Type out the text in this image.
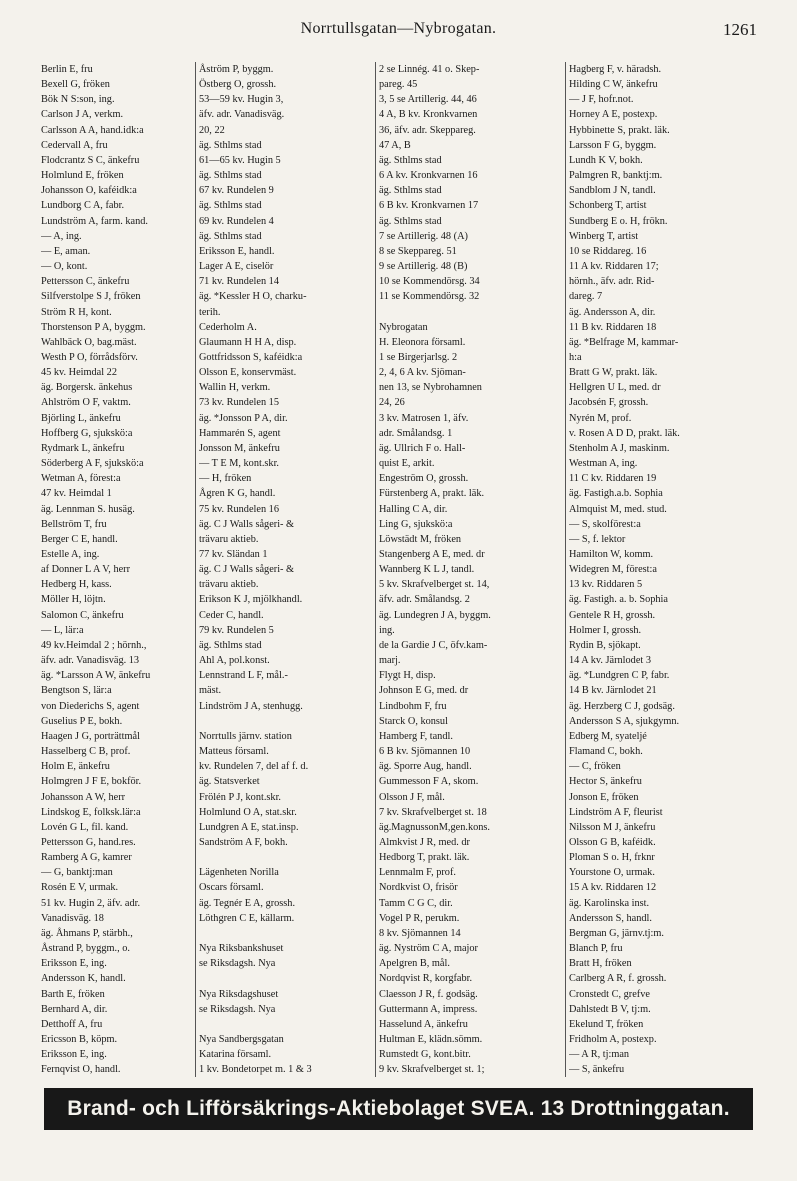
Norrtullsgatan—Nybrogatan.	1261
Berlin E, fru
Bexell G, fröken
Bök N S:son, ing.
Carlson J A, verkm.
Carlsson A A, hand.idk:a
Cedervall A, fru
Flodcrantz S C, änkefru
Holmlund E, fröken
Johansson O, kaféidk:a
Lundborg C A, fabr.
Lundström A, farm. kand.
— A, ing.
— E, aman.
— O, kont.
Pettersson C, änkefru
Silfverstolpe S J, fröken
Ström R H, kont.
Thorstenson P A, byggm.
Wahlbäck O, bag.mäst.
Westh P O, förrådsförv.
45 kv. Heimdal 22
äg. Borgersk. änkehus
Ahlström O F, vaktm.
Björling L, änkefru
Hoffberg G, sjukskö:a
Rydmark L, änkefru
Söderberg A F, sjukskö:a
Wetman A, förest:a
47 kv. Heimdal 1
äg. Lennman S. husäg.
Bellström T, fru
Berger C E, handl.
Estelle A, ing.
af Donner L A V, herr
Hedberg H, kass.
Möller H, löjtn.
Salomon C, änkefru
— L, lär:a
49 kv.Heimdal 2 ; hörnh.,
äfv. adr. Vanadisväg. 13
äg. *Larsson A W, änkefru
Bengtson S, lär:a
von Diederichs S, agent
Guselius P E, bokh.
Haagen J G, porträttmål
Hasselberg C B, prof.
Holm E, änkefru
Holmgren J F E, bokför.
Johansson A W, herr
Lindskog E, folksk.lär:a
Lovén G L, fil. kand.
Pettersson G, hand.res.
Ramberg A G, kamrer
— G, banktj:man
Rosén E V, urmak.
51 kv. Hugin 2, äfv. adr.
Vanadisväg. 18
äg. Åhmans P, stärbh.,
Åstrand P, byggm., o.
Eriksson E, ing.
Andersson K, handl.
Barth E, fröken
Bernhard A, dir.
Detthoff A, fru
Ericsson B, köpm.
Eriksson E, ing.
Fernqvist O, handl.
Åström P, byggm.
Östberg O, grossh.
53—59 kv. Hugin 3,
äfv. adr. Vanadisväg.
20, 22
äg. Sthlms stad
61—65 kv. Hugin 5
äg. Sthlms stad
67 kv. Rundelen 9
äg. Sthlms stad
69 kv. Rundelen 4
äg. Sthlms stad
Eriksson E, handl.
Lager A E, ciselör
71 kv. Rundelen 14
äg. *Kessler H O, charku-
terih.
Cederholm A.
Glaumann H H A, disp.
Gottfridsson S, kaféidk:a
Olsson E, konservmäst.
Wallin H, verkm.
73 kv. Rundelen 15
äg. *Jonsson P A, dir.
Hammarén S, agent
Jonsson M, änkefru
— T E M, kont.skr.
— H, fröken
Ågren K G, handl.
75 kv. Rundelen 16
äg. C J Walls sågeri- &
trävaru aktieb.
77 kv. Sländan 1
äg. C J Walls sågeri- &
trävaru aktieb.
Erikson K J, mjölkhandl.
Ceder C, handl.
79 kv. Rundelen 5
äg. Sthlms stad
Ahl A, pol.konst.
Lennstrand L F, mål.-
mäst.
Lindström J A, stenhugg.

Norrtulls järnv. station
Matteus församl.
kv. Rundelen 7, del af f. d.
äg. Statsverket
Frölén P J, kont.skr.
Holmlund O A, stat.skr.
Lundgren A E, stat.insp.
Sandström A F, bokh.

Lägenheten Norilla
Oscars församl.
äg. Tegnér E A, grossh.
Löthgren C E, källarm.

Nya Riksbankshuset
se Riksdagsh. Nya

Nya Riksdagshuset
se Riksdagsh. Nya

Nya Sandbergsgatan
Katarina församl.
1 kv. Bondetorpet m. 1 & 3

2 se Linnég. 41 o. Skep-
pareg. 45
3, 5 se Artillerig. 44, 46
4 A, B kv. Kronkvarnen
36, äfv. adr. Skeppareg.
47 A, B
äg. Sthlms stad
6 A kv. Kronkvarnen 16
äg. Sthlms stad
6 B kv. Kronkvarnen 17
äg. Sthlms stad
7 se Artillerig. 48 (A)
8 se Skeppareg. 51
9 se Artillerig. 48 (B)
10 se Kommendörsg. 34
11 se Kommendörsg. 32

Nybrogatan
H. Eleonora församl.
1 se Birgerjarlsg. 2
2, 4, 6 A kv. Sjöman-
nen 13, se Nybrohamnen
24, 26
3 kv. Matrosen 1, äfv.
adr. Smålandsg. 1
äg. Ullrich F o. Hall-
quist E, arkit.
Engeström O, grossh.
Fürstenberg A, prakt. läk.
Halling C A, dir.
Ling G, sjukskö:a
Löwstädt M, fröken
Stangenberg A E, med. dr
Wannberg K L J, tandl.
5 kv. Skrafvelberget st. 14,
äfv. adr. Smålandsg. 2
äg. Lundegren J A, byggm.
ing.
de la Gardie J C, öfv.kam-
marj.
Flygt H, disp.
Johnson E G, med. dr
Lindbohm F, fru
Starck O, konsul
Hamberg F, tandl.
6 B kv. Sjömannen 10
äg. Sporre Aug, handl.
Gummesson F A, skom.
Olsson J F, mål.
7 kv. Skrafvelberget st. 18
äg.MagnussonM,gen.kons.
Almkvist J R, med. dr
Hedborg T, prakt. läk.
Lennmalm F, prof.
Nordkvist O, frisör
Tamm C G C, dir.
Vogel P R, perukm.
8 kv. Sjömannen 14
äg. Nyström C A, major
Apelgren B, mål.
Nordqvist R, korgfabr.
Claesson J R, f. godsäg.
Guttermann A, impress.
Hasselund A, änkefru
Hultman E, klädn.sömm.
Rumstedt G, kont.bitr.
9 kv. Skrafvelberget st. 1;
Hagberg F, v. häradsh.
Hilding C W, änkefru
— J F, hofr.not.
Horney A E, postexp.
Hybbinette S, prakt. läk.
Larsson F G, byggm.
Lundh K V, bokh.
Palmgren R, banktj:m.
Sandblom J N, tandl.
Schonberg T, artist
Sundberg E o. H, frökn.
Winberg T, artist
10 se Riddareg. 16
11 A kv. Riddaren 17;
hörnh., äfv. adr. Rid-
dareg. 7
äg. Andersson A, dir.
11 B kv. Riddaren 18
äg. *Belfrage M, kammar-
h:a
Bratt G W, prakt. läk.
Hellgren U L, med. dr
Jacobsén F, grossh.
Nyrén M, prof.
v. Rosen A D D, prakt. läk.
Stenholm A J, maskinm.
Westman A, ing.
11 C kv. Riddaren 19
äg. Fastigh.a.b. Sophia
Almquist M, med. stud.
— S, skolförest:a
— S, f. lektor
Hamilton W, komm.
Widegren M, förest:a
13 kv. Riddaren 5
äg. Fastigh. a. b. Sophia
Gentele R H, grossh.
Holmer I, grossh.
Rydin B, sjökapt.
14 A kv. Järnlodet 3
äg. *Lundgren C P, fabr.
14 B kv. Järnlodet 21
äg. Herzberg C J, godsäg.
Andersson S A, sjukgymn.
Edberg M, syateljé
Flamand C, bokh.
— C, fröken
Hector S, änkefru
Jonson E, fröken
Lindström A F, fleurist
Nilsson M J, änkefru
Olsson G B, kaféidk.
Ploman S o. H, frknr
Yourstone O, urmak.
15 A kv. Riddaren 12
äg. Karolinska inst.
Andersson S, handl.
Bergman G, järnv.tj:m.
Blanch P, fru
Bratt H, fröken
Carlberg A R, f. grossh.
Cronstedt C, grefve
Dahlstedt B V, tj:m.
Ekelund T, fröken
Fridholm A, postexp.
— A R, tj:man
— S, änkefru
Brand- och Lifförsäkrings-Aktiebolaget SVEA. 13 Drottninggatan.
